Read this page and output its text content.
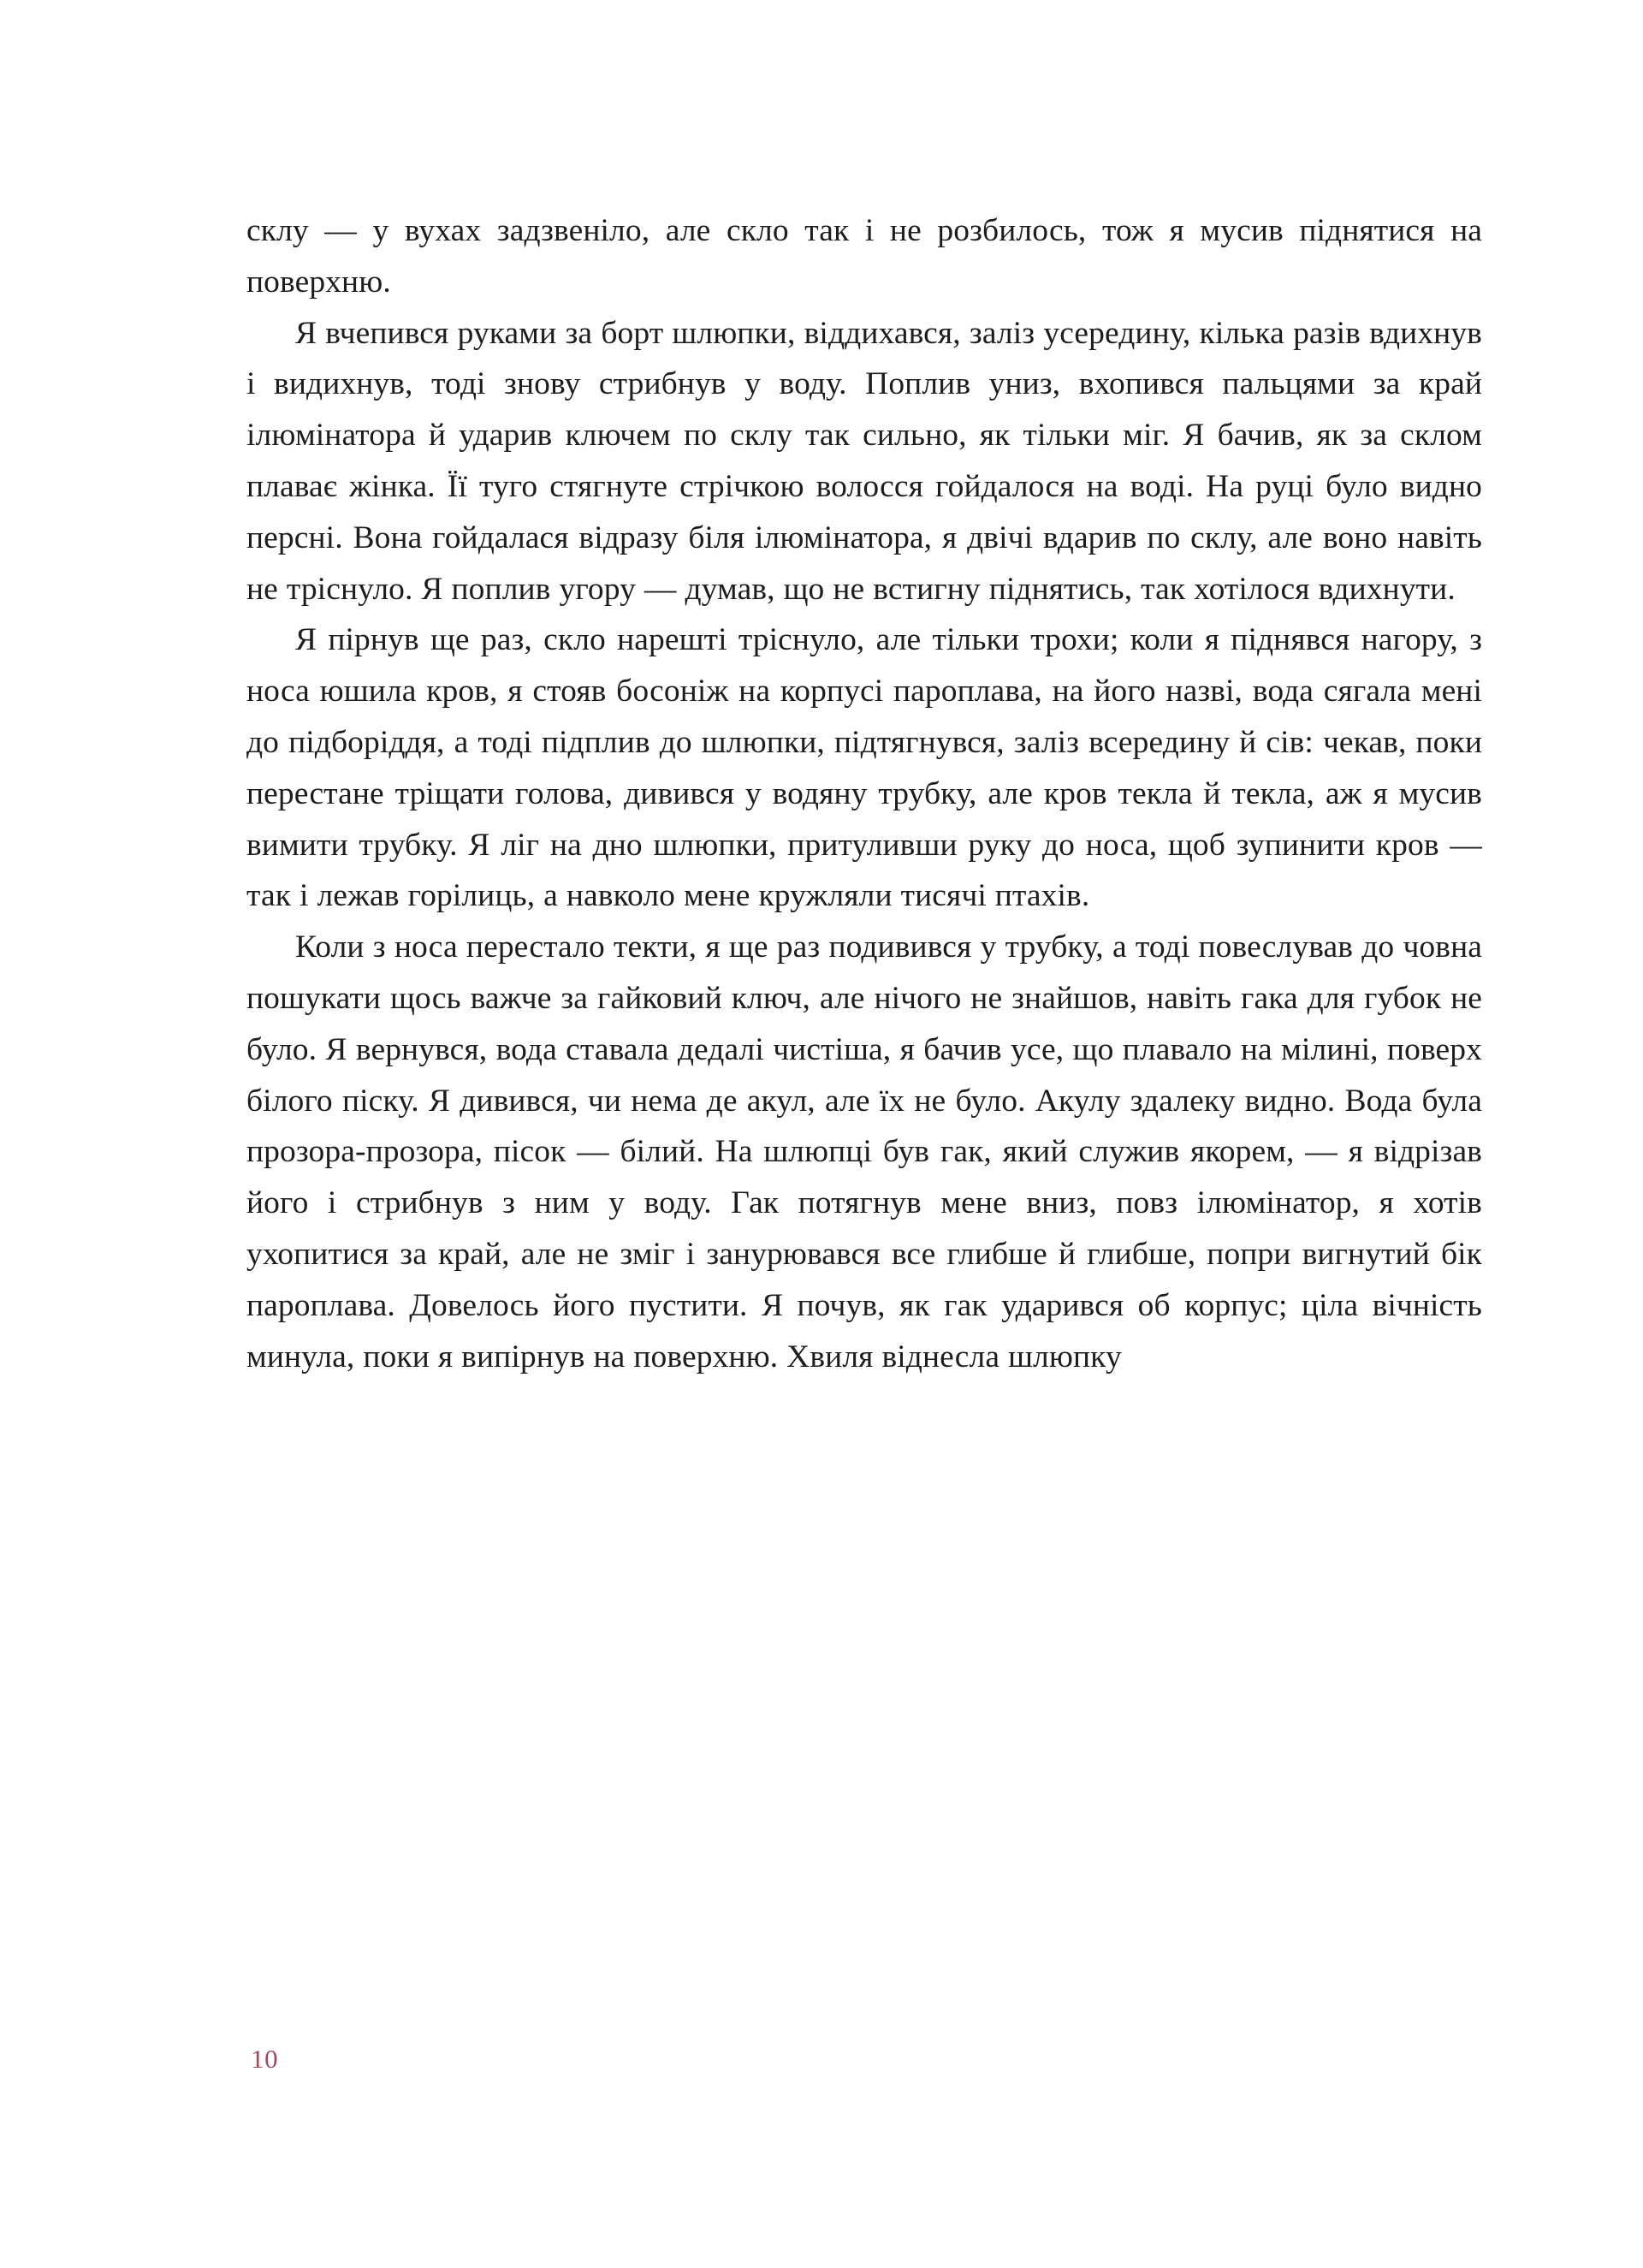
склу — у вухах задзвеніло, але скло так і не розбилось, тож я мусив піднятися на поверхню.

Я вчепився руками за борт шлюпки, віддихався, заліз усередину, кілька разів вдихнув і видихнув, тоді знову стрибнув у воду. Поплив униз, вхопився пальцями за край ілюмінатора й ударив ключем по склу так сильно, як тільки міг. Я бачив, як за склом плаває жінка. Її туго стягнуте стрічкою волосся гойдалося на воді. На руці було видно персні. Вона гойдалася відразу біля ілюмінатора, я двічі вдарив по склу, але воно навіть не тріснуло. Я поплив угору — думав, що не встигну піднятись, так хотілося вдихнути.

Я пірнув ще раз, скло нарешті тріснуло, але тільки трохи; коли я піднявся нагору, з носа юшила кров, я стояв босоніж на корпусі пароплава, на його назві, вода сягала мені до підборіддя, а тоді підплив до шлюпки, підтягнувся, заліз всередину й сів: чекав, поки перестане тріщати голова, дивився у водяну трубку, але кров текла й текла, аж я мусив вимити трубку. Я ліг на дно шлюпки, притуливши руку до носа, щоб зупинити кров — так і лежав горілиць, а навколо мене кружляли тисячі птахів.

Коли з носа перестало текти, я ще раз подивився у трубку, а тоді повеслував до човна пошукати щось важче за гайковий ключ, але нічого не знайшов, навіть гака для губок не було. Я вернувся, вода ставала дедалі чистіша, я бачив усе, що плавало на мілині, поверх білого піску. Я дивився, чи нема де акул, але їх не було. Акулу здалеку видно. Вода була прозора-прозора, пісок — білий. На шлюпці був гак, який служив якорем, — я відрізав його і стрибнув з ним у воду. Гак потягнув мене вниз, повз ілюмінатор, я хотів ухопитися за край, але не зміг і занурювався все глибше й глибше, попри вигнутий бік пароплава. Довелось його пустити. Я почув, як гак ударився об корпус; ціла вічність минула, поки я випірнув на поверхню. Хвиля віднесла шлюпку

10
